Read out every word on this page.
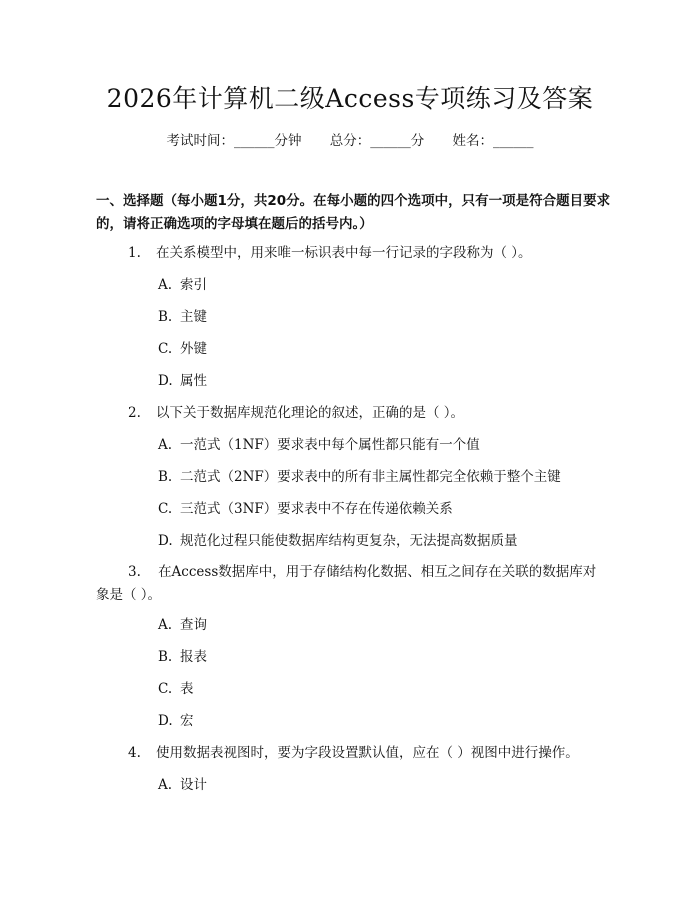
2026年计算机二级Access专项练习及答案
考试时间：______分钟 总分：______分 姓名：______
一、选择题（每小题1分，共20分。在每小题的四个选项中，只有一项是符合题目要求的，请将正确选项的字母填在题后的括号内。）
1. 在关系模型中，用来唯一标识表中每一行记录的字段称为（ ）。
A. 索引
B. 主键
C. 外键
D. 属性
2. 以下关于数据库规范化理论的叙述，正确的是（ ）。
A. 一范式（1NF）要求表中每个属性都只能有一个值
B. 二范式（2NF）要求表中的所有非主属性都完全依赖于整个主键
C. 三范式（3NF）要求表中不存在传递依赖关系
D. 规范化过程只能使数据库结构更复杂，无法提高数据质量
3. 在Access数据库中，用于存储结构化数据、相互之间存在关联的数据库对象是（ ）。
A. 查询
B. 报表
C. 表
D. 宏
4. 使用数据表视图时，要为字段设置默认值，应在（ ）视图中进行操作。
A. 设计
